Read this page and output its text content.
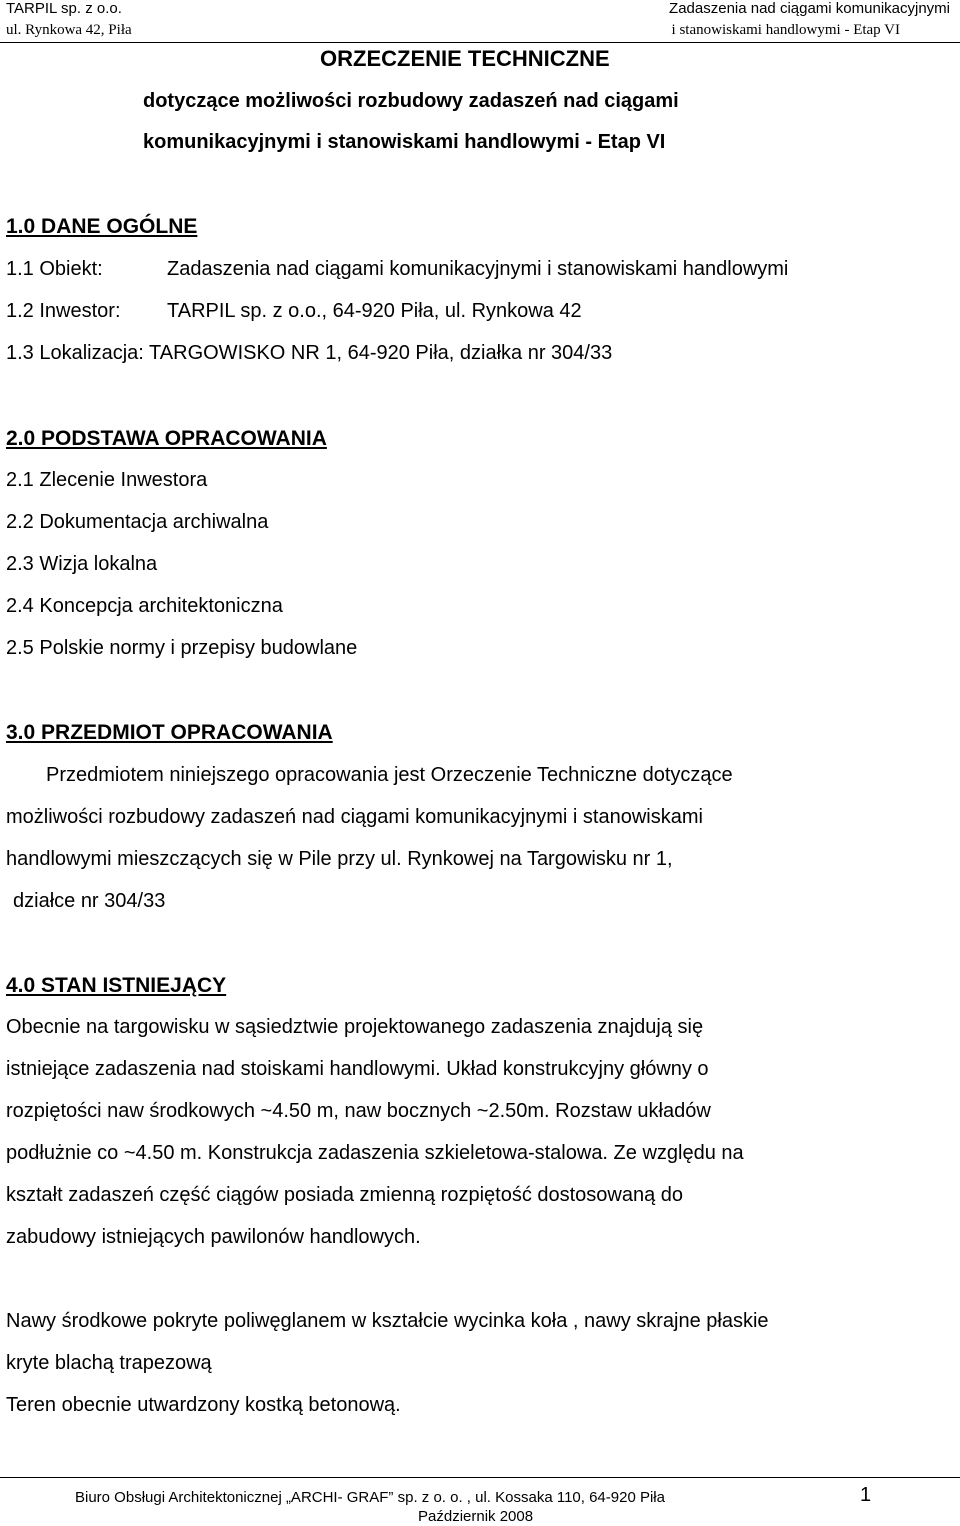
TARPIL sp. z o.o.
ul. Rynkowa 42, Piła
Zadaszenia nad ciągami komunikacyjnymi
i stanowiskami handlowymi - Etap VI
ORZECZENIE TECHNICZNE
dotyczące możliwości rozbudowy zadaszeń nad ciągami
komunikacyjnymi i stanowiskami handlowymi - Etap VI
1.0 DANE OGÓLNE
1.1 Obiekt:	Zadaszenia nad ciągami komunikacyjnymi i stanowiskami handlowymi
1.2 Inwestor: TARPIL sp. z o.o., 64-920 Piła, ul. Rynkowa 42
1.3 Lokalizacja: TARGOWISKO NR 1, 64-920 Piła, działka nr 304/33
2.0 PODSTAWA OPRACOWANIA
2.1 Zlecenie Inwestora
2.2 Dokumentacja archiwalna
2.3 Wizja lokalna
2.4 Koncepcja architektoniczna
2.5 Polskie normy i przepisy budowlane
3.0 PRZEDMIOT OPRACOWANIA
Przedmiotem niniejszego opracowania jest Orzeczenie Techniczne dotyczące
możliwości rozbudowy zadaszeń nad ciągami komunikacyjnymi i stanowiskami
handlowymi mieszczących się w Pile przy ul. Rynkowej na Targowisku nr 1,
działce nr 304/33
4.0 STAN ISTNIEJĄCY
Obecnie na targowisku w sąsiedztwie projektowanego zadaszenia znajdują się
istniejące zadaszenia nad stoiskami handlowymi. Układ konstrukcyjny główny o
rozpiętości naw środkowych ~4.50 m, naw bocznych ~2.50m. Rozstaw układów
podłużnie co ~4.50 m. Konstrukcja zadaszenia szkieletowa-stalowa. Ze względu na
kształt zadaszeń część ciągów posiada zmienną rozpiętość dostosowaną do
zabudowy istniejących pawilonów handlowych.
Nawy środkowe pokryte poliwęglanem w kształcie wycinka koła , nawy skrajne płaskie
kryte blachą trapezową
Teren obecnie utwardzony kostką betonową.
Biuro Obsługi Architektonicznej „ARCHI- GRAF” sp. z o. o. , ul. Kossaka 110, 64-920 Piła	1
Październik 2008
